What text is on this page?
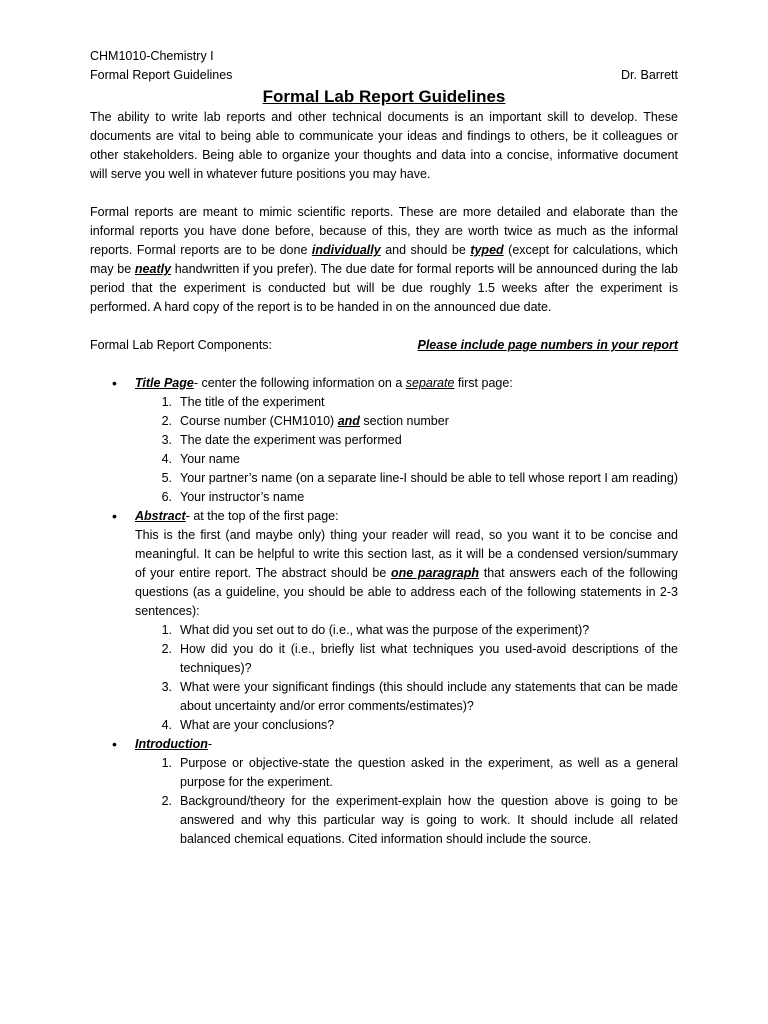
CHM1010-Chemistry I
Formal Report Guidelines	Dr. Barrett
Formal Lab Report Guidelines
The ability to write lab reports and other technical documents is an important skill to develop. These documents are vital to being able to communicate your ideas and findings to others, be it colleagues or other stakeholders. Being able to organize your thoughts and data into a concise, informative document will serve you well in whatever future positions you may have.
Formal reports are meant to mimic scientific reports. These are more detailed and elaborate than the informal reports you have done before, because of this, they are worth twice as much as the informal reports. Formal reports are to be done individually and should be typed (except for calculations, which may be neatly handwritten if you prefer). The due date for formal reports will be announced during the lab period that the experiment is conducted but will be due roughly 1.5 weeks after the experiment is performed. A hard copy of the report is to be handed in on the announced due date.
Formal Lab Report Components:	Please include page numbers in your report
• Title Page- center the following information on a separate first page:
1. The title of the experiment
2. Course number (CHM1010) and section number
3. The date the experiment was performed
4. Your name
5. Your partner’s name (on a separate line-I should be able to tell whose report I am reading)
6. Your instructor’s name
• Abstract- at the top of the first page:
This is the first (and maybe only) thing your reader will read, so you want it to be concise and meaningful. It can be helpful to write this section last, as it will be a condensed version/summary of your entire report. The abstract should be one paragraph that answers each of the following questions (as a guideline, you should be able to address each of the following statements in 2-3 sentences):
1. What did you set out to do (i.e., what was the purpose of the experiment)?
2. How did you do it (i.e., briefly list what techniques you used-avoid descriptions of the techniques)?
3. What were your significant findings (this should include any statements that can be made about uncertainty and/or error comments/estimates)?
4. What are your conclusions?
• Introduction-
1. Purpose or objective-state the question asked in the experiment, as well as a general purpose for the experiment.
2. Background/theory for the experiment-explain how the question above is going to be answered and why this particular way is going to work. It should include all related balanced chemical equations. Cited information should include the source.
